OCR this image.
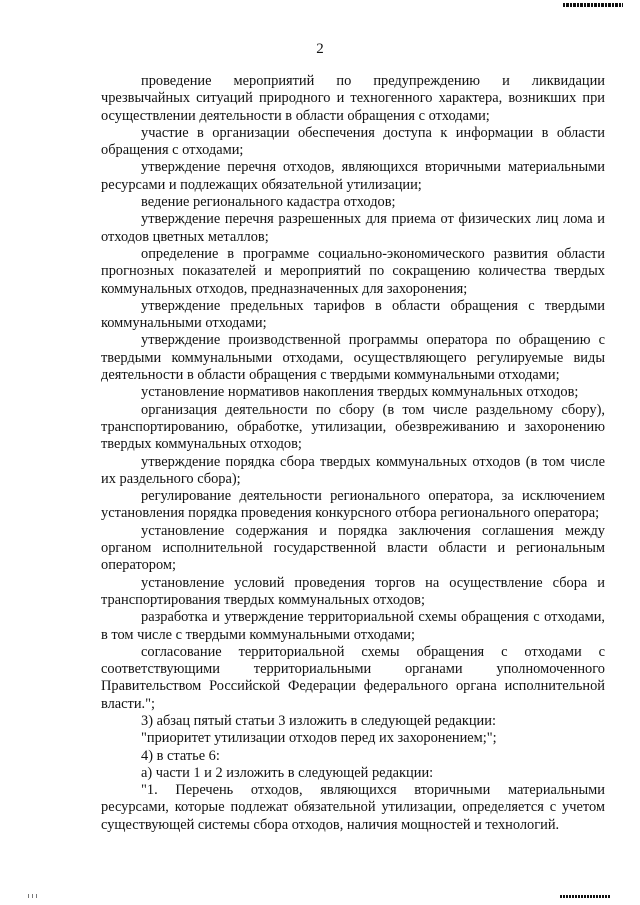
2

проведение мероприятий по предупреждению и ликвидации чрезвычайных ситуаций природного и техногенного характера, возникших при осуществлении деятельности в области обращения с отходами;

участие в организации обеспечения доступа к информации в области обращения с отходами;

утверждение перечня отходов, являющихся вторичными материальными ресурсами и подлежащих обязательной утилизации;

ведение регионального кадастра отходов;

утверждение перечня разрешенных для приема от физических лиц лома и отходов цветных металлов;

определение в программе социально-экономического развития области прогнозных показателей и мероприятий по сокращению количества твердых коммунальных отходов, предназначенных для захоронения;

утверждение предельных тарифов в области обращения с твердыми коммунальными отходами;

утверждение производственной программы оператора по обращению с твердыми коммунальными отходами, осуществляющего регулируемые виды деятельности в области обращения с твердыми коммунальными отходами;

установление нормативов накопления твердых коммунальных отходов;

организация деятельности по сбору (в том числе раздельному сбору), транспортированию, обработке, утилизации, обезвреживанию и захоронению твердых коммунальных отходов;

утверждение порядка сбора твердых коммунальных отходов (в том числе их раздельного сбора);

регулирование деятельности регионального оператора, за исключением установления порядка проведения конкурсного отбора регионального оператора;

установление содержания и порядка заключения соглашения между органом исполнительной государственной власти области и региональным оператором;

установление условий проведения торгов на осуществление сбора и транспортирования твердых коммунальных отходов;

разработка и утверждение территориальной схемы обращения с отходами, в том числе с твердыми коммунальными отходами;

согласование территориальной схемы обращения с отходами с соответствующими территориальными органами уполномоченного Правительством Российской Федерации федерального органа исполнительной власти.";

3) абзац пятый статьи 3 изложить в следующей редакции:

"приоритет утилизации отходов перед их захоронением;";

4) в статье 6:

а) части 1 и 2 изложить в следующей редакции:

"1. Перечень отходов, являющихся вторичными материальными ресурсами, которые подлежат обязательной утилизации, определяется с учетом существующей системы сбора отходов, наличия мощностей и технологий.
